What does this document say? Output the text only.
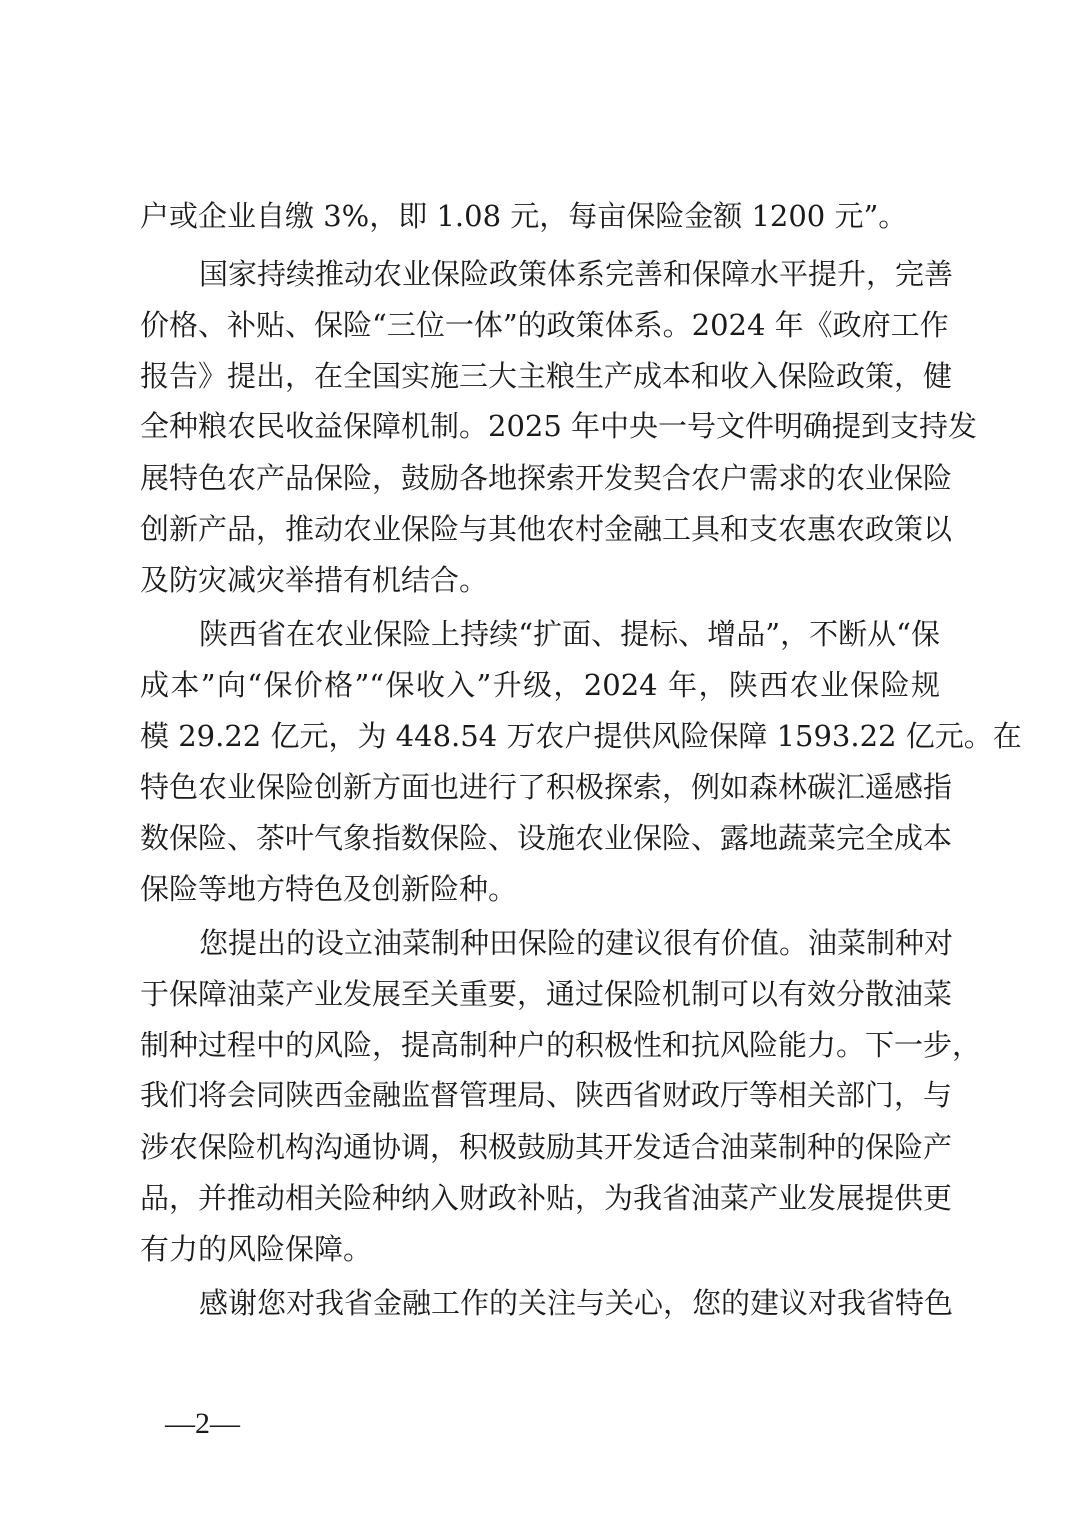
户或企业自缴 3%，即 1.08 元，每亩保险金额 1200 元”。

国家持续推动农业保险政策体系完善和保障水平提升，完善

价格、补贴、保险“三位一体”的政策体系。2024 年《政府工作

报告》提出，在全国实施三大主粮生产成本和收入保险政策，健

全种粮农民收益保障机制。2025 年中央一号文件明确提到支持发

展特色农产品保险，鼓励各地探索开发契合农户需求的农业保险

创新产品，推动农业保险与其他农村金融工具和支农惠农政策以

及防灾减灾举措有机结合。

陕西省在农业保险上持续“扩面、提标、增品”，不断从“保

成本”向“保价格”“保收入”升级，2024 年，陕西农业保险规

模 29.22 亿元，为 448.54 万农户提供风险保障 1593.22 亿元。在

特色农业保险创新方面也进行了积极探索，例如森林碳汇遥感指

数保险、茶叶气象指数保险、设施农业保险、露地蔬菜完全成本

保险等地方特色及创新险种。

您提出的设立油菜制种田保险的建议很有价值。油菜制种对

于保障油菜产业发展至关重要，通过保险机制可以有效分散油菜

制种过程中的风险，提高制种户的积极性和抗风险能力。下一步，

我们将会同陕西金融监督管理局、陕西省财政厅等相关部门，与

涉农保险机构沟通协调，积极鼓励其开发适合油菜制种的保险产

品，并推动相关险种纳入财政补贴，为我省油菜产业发展提供更

有力的风险保障。

感谢您对我省金融工作的关注与关心，您的建议对我省特色

—2—
